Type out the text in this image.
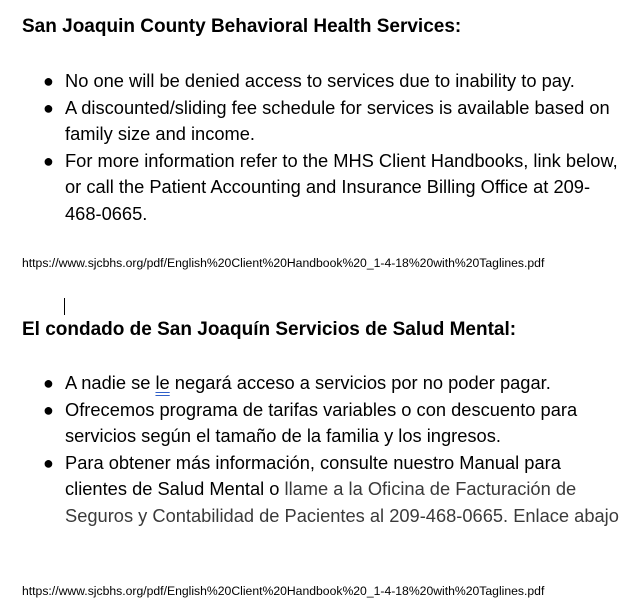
San Joaquin County Behavioral Health Services:
● No one will be denied access to services due to inability to pay.
● A discounted/sliding fee schedule for services is available based on family size and income.
● For more information refer to the MHS Client Handbooks, link below, or call the Patient Accounting and Insurance Billing Office at 209-468-0665.
https://www.sjcbhs.org/pdf/English%20Client%20Handbook%20_1-4-18%20with%20Taglines.pdf
El condado de San Joaquín Servicios de Salud Mental:
● A nadie se le negará acceso a servicios por no poder pagar.
● Ofrecemos programa de tarifas variables o con descuento para servicios según el tamaño de la familia y los ingresos.
● Para obtener más información, consulte nuestro Manual para clientes de Salud Mental o llame a la Oficina de Facturación de Seguros y Contabilidad de Pacientes al 209-468-0665. Enlace abajo
https://www.sjcbhs.org/pdf/English%20Client%20Handbook%20_1-4-18%20with%20Taglines.pdf
